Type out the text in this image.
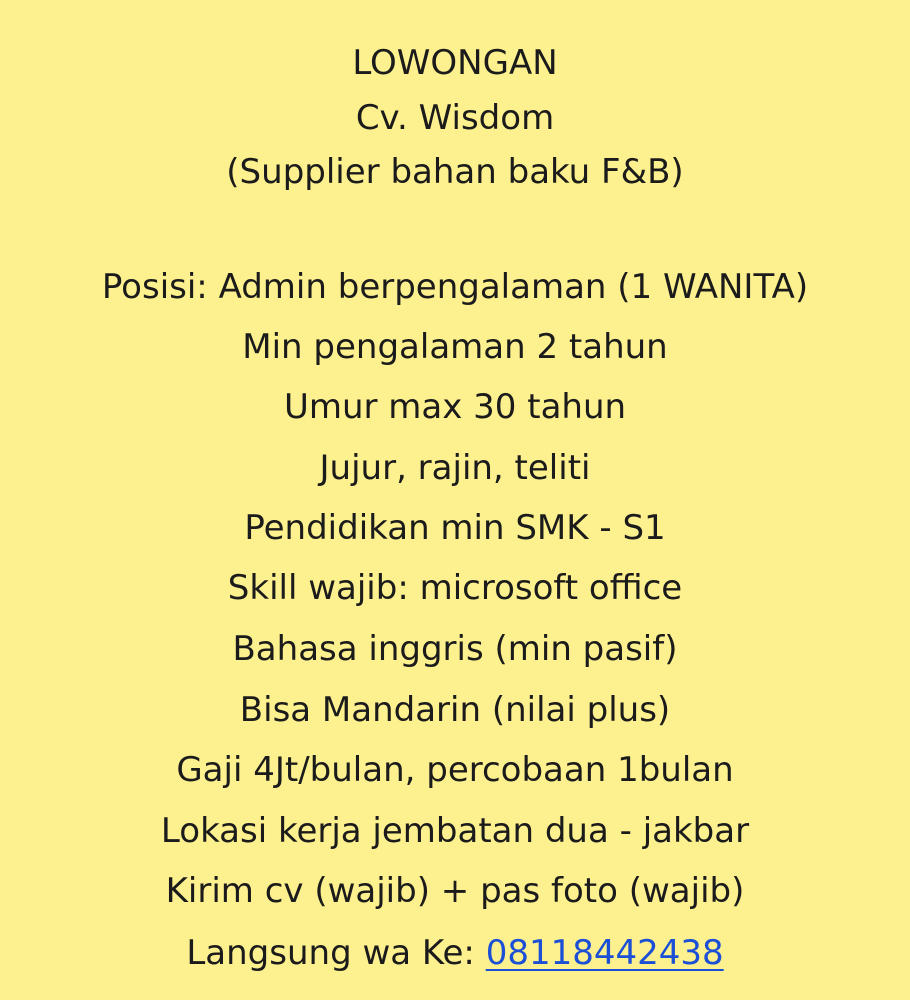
LOWONGAN
Cv. Wisdom
(Supplier bahan baku F&B)
Posisi: Admin berpengalaman (1 WANITA)
Min pengalaman 2 tahun
Umur max 30 tahun
Jujur, rajin, teliti
Pendidikan min SMK - S1
Skill wajib: microsoft office
Bahasa inggris (min pasif)
Bisa Mandarin (nilai plus)
Gaji 4Jt/bulan, percobaan 1bulan
Lokasi kerja jembatan dua - jakbar
Kirim cv (wajib) + pas foto (wajib)
Langsung wa Ke: 08118442438
